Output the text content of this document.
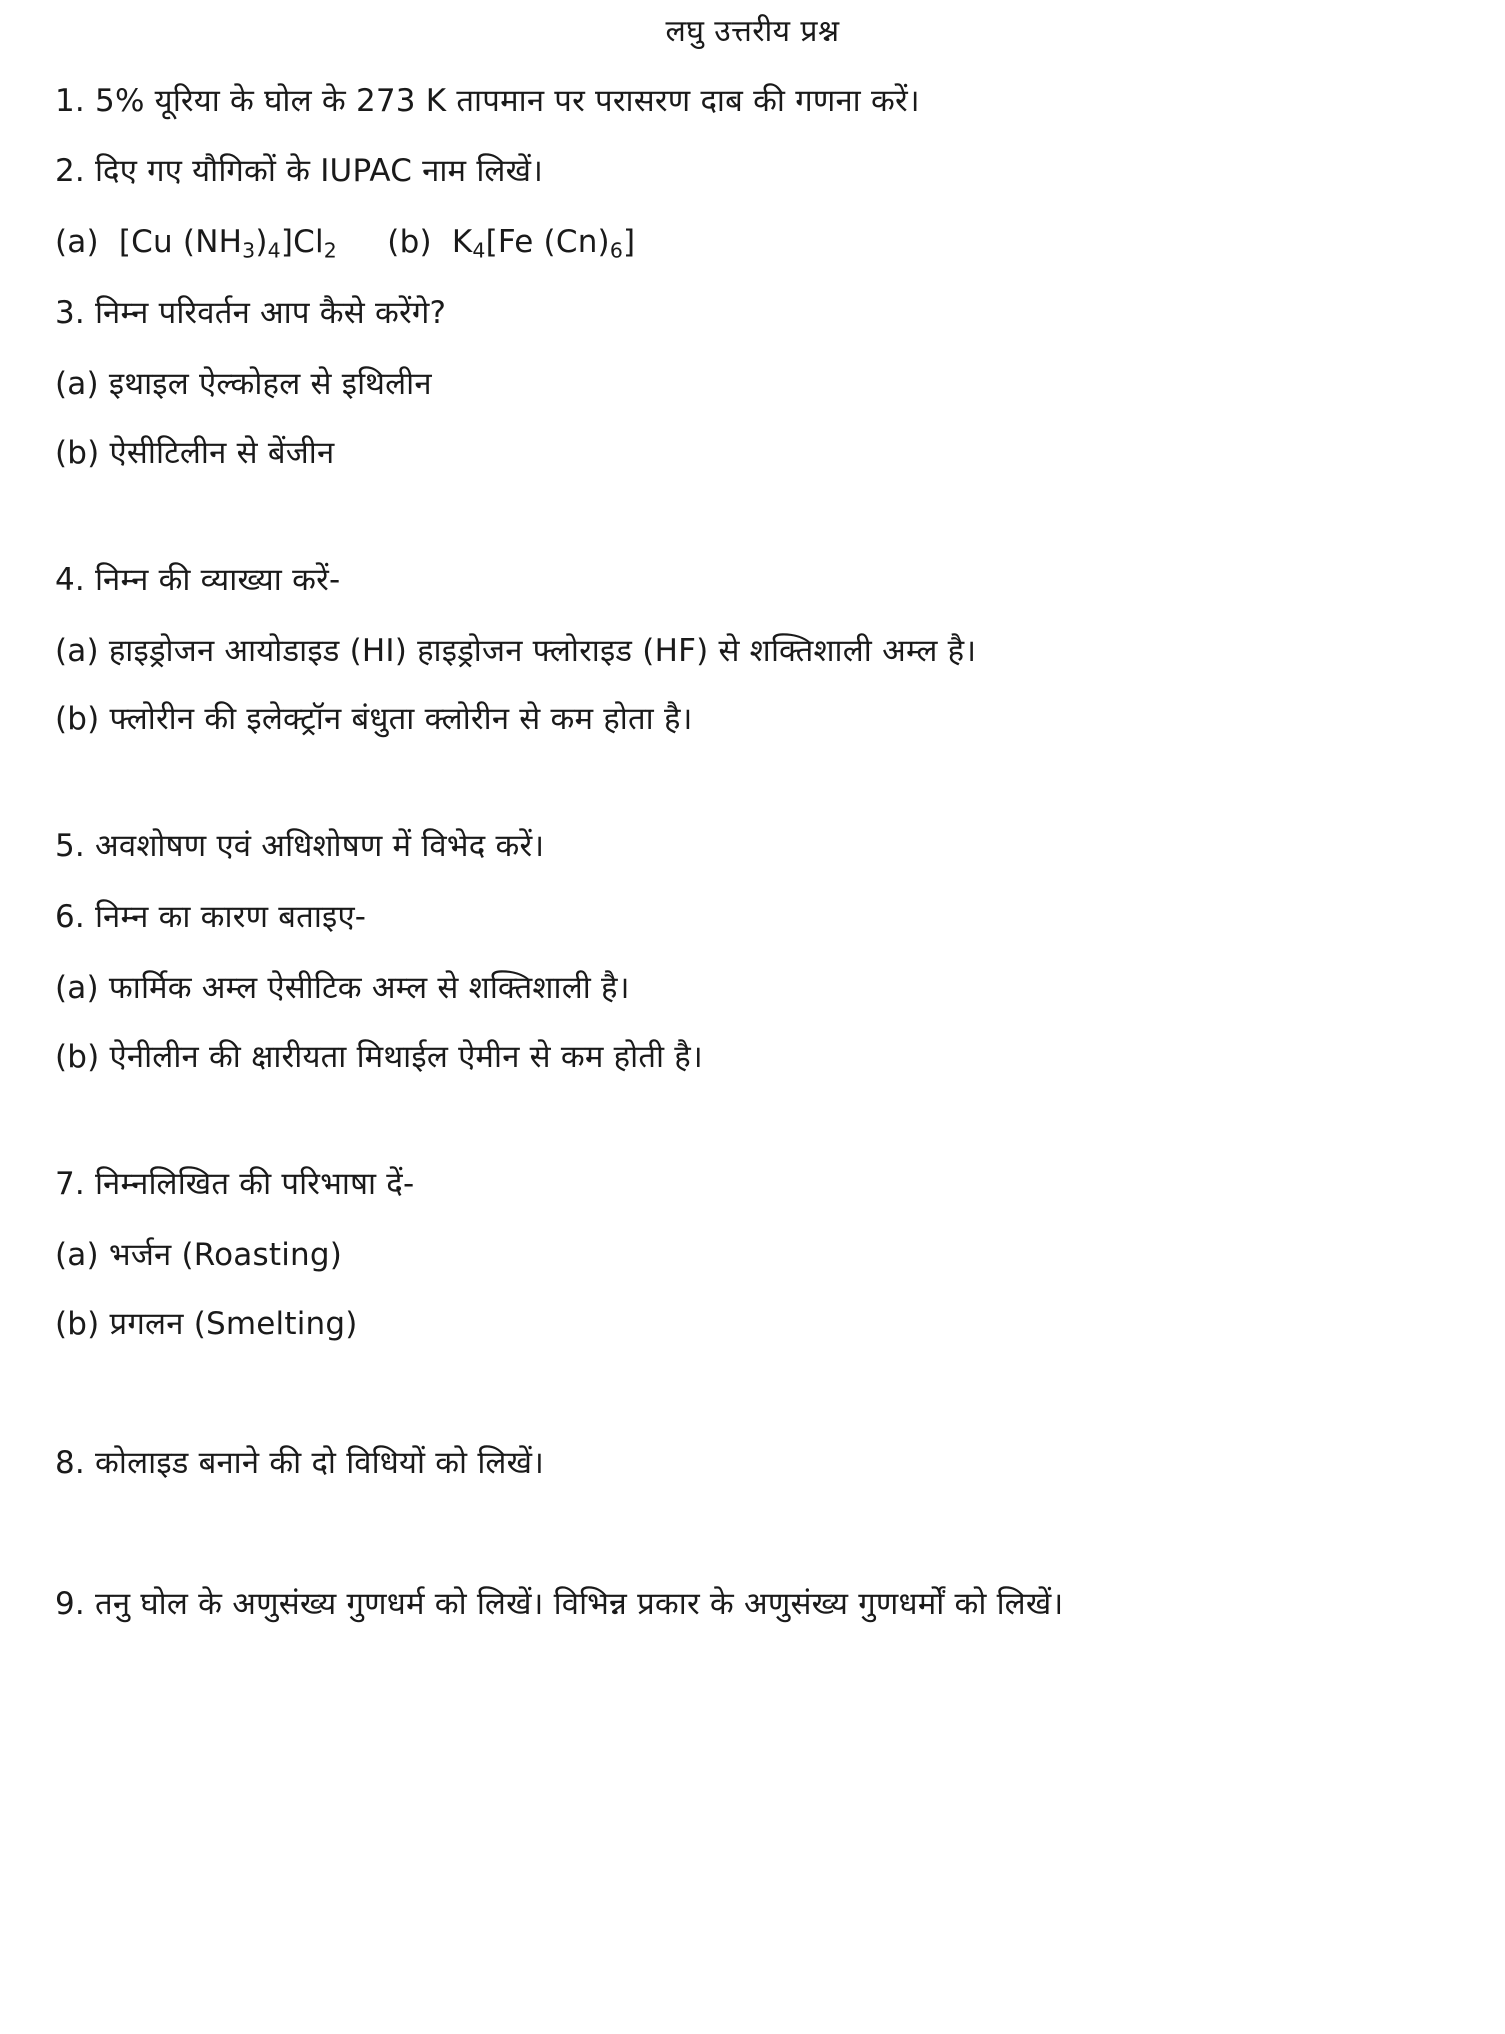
लघु उत्तरीय प्रश्न

1. 5% यूरिया के घोल के 273 K तापमान पर परासरण दाब की गणना करें।

2. दिए गए यौगिकों के IUPAC नाम लिखें।

(a)  [Cu $(NH_3)_4]Cl_2$ (b)  $K_4[Fe$ $(Cn)_6$]

3. निम्न परिवर्तन आप कैसे करेंगे?

(a) इथाइल ऐल्कोहल से इथिलीन

(b) ऐसीटिलीन से बेंजीन

4. निम्न की व्याख्या करें-

(a) हाइड्रोजन आयोडाइड (HI) हाइड्रोजन फ्लोराइड (HF) से शक्तिशाली अम्ल है।

(b) फ्लोरीन की इलेक्ट्रॉन बंधुता क्लोरीन से कम होता है।

5. अवशोषण एवं अधिशोषण में विभेद करें।

6. निम्न का कारण बताइए-

(a) फार्मिक अम्ल ऐसीटिक अम्ल से शक्तिशाली है।

(b) ऐनीलीन की क्षारीयता मिथाईल ऐमीन से कम होती है।

7. निम्नलिखित की परिभाषा दें-

(a) भर्जन (Roasting)

(b) प्रगलन (Smelting)

8. कोलाइड बनाने की दो विधियों को लिखें।

9. तनु घोल के अणुसंख्य गुणधर्म को लिखें। विभिन्न प्रकार के अणुसंख्य गुणधर्मों को लिखें।
